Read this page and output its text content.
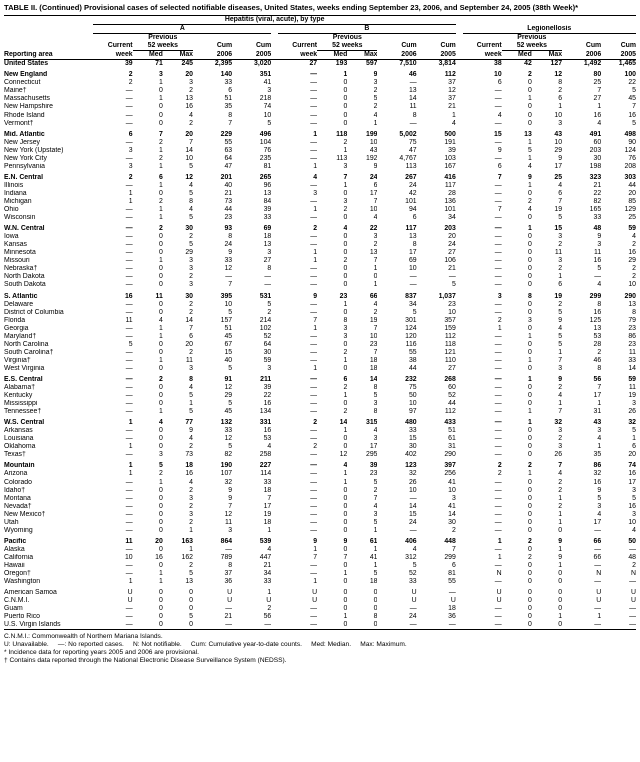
TABLE II. (Continued) Provisional cases of selected notifiable diseases, United States, weeks ending September 23, 2006, and September 24, 2005 (38th Week)*
	Hepatitis (viral, acute), by type																
	A						B						Legionellosis				
		Previous						Previous						Previous			
	Current	52 weeks		Cum	Cum		Current	52 weeks		Cum	Cum		Current	52 weeks		Cum	Cum
Reporting area	week	Med	Max	2006	2005		week	Med	Max	2006	2005		week	Med	Max	2006	2005
United States	39	71	245	2,395	3,020		27	193	597	7,510	3,814		38	42	127	1,492	1,465

New England	2	3	20	140	351		—	1	9	46	112		10	2	12	80	100
Connecticut	2	1	3	33	41		—	0	3	—	37		6	0	8	25	22
Maine†	—	0	2	6	3		—	0	2	13	12		—	0	2	7	5
Massachusetts	—	1	13	51	218		—	0	5	14	37		—	1	6	27	45
New Hampshire	—	0	16	35	74		—	0	2	11	21		—	0	1	1	7
Rhode Island	—	0	4	8	10		—	0	4	8	1		4	0	10	16	16
Vermont†	—	0	2	7	5		—	0	1	—	4		—	0	3	4	5

Mid. Atlantic	6	7	20	229	496		1	118	199	5,002	500		15	13	43	491	498
New Jersey	—	2	7	55	104		—	2	10	75	191		—	1	10	60	90
New York (Upstate)	3	1	14	63	76		—	1	43	47	39		9	5	29	203	124
New York City	—	2	10	64	235		—	113	192	4,767	103		—	1	9	30	76
Pennsylvania	3	1	5	47	81		1	3	9	113	167		6	4	17	198	208

E.N. Central	2	6	12	201	265		4	7	24	267	416		7	9	25	323	303
Illinois	—	1	4	40	96		—	1	6	24	117		—	1	4	21	44
Indiana	1	0	5	21	13		3	0	17	42	28		—	0	6	22	20
Michigan	1	2	8	73	84		—	3	7	101	136		—	2	7	82	85
Ohio	—	1	4	44	39		1	2	10	94	101		7	4	19	165	129
Wisconsin	—	1	5	23	33		—	0	4	6	34		—	0	5	33	25

W.N. Central	—	2	30	93	69		2	4	22	117	203		—	1	15	48	59
Iowa	—	0	2	8	18		—	0	3	13	20		—	0	3	9	4
Kansas	—	0	5	24	13		—	0	2	8	24		—	0	2	3	2
Minnesota	—	0	29	9	3		1	0	13	17	27		—	0	11	11	16
Missouri	—	1	3	33	27		1	2	7	69	106		—	0	3	16	29
Nebraska†	—	0	3	12	8		—	0	1	10	21		—	0	2	5	2
North Dakota	—	0	2	—	—		—	0	0	—	—		—	0	1	—	2
South Dakota	—	0	3	7	—		—	0	1	—	5		—	0	6	4	10

S. Atlantic	16	11	30	395	531		9	23	66	837	1,037		3	8	19	299	290
Delaware	—	0	2	10	5		—	1	4	34	23		—	0	2	8	13
District of Columbia	—	0	2	5	2		—	0	2	5	10		—	0	5	16	8
Florida	11	4	14	157	214		7	8	19	301	357		2	3	9	125	79
Georgia	—	1	7	51	102		1	3	7	124	159		1	0	4	13	23
Maryland†	—	1	6	45	52		—	3	10	120	112		—	1	5	53	86
North Carolina	5	0	20	67	64		—	0	23	116	118		—	0	5	28	23
South Carolina†	—	0	2	15	30		—	2	7	55	121		—	0	1	2	11
Virginia†	—	1	11	40	59		—	1	18	38	110		—	1	7	46	33
West Virginia	—	0	3	5	3		1	0	18	44	27		—	0	3	8	14

E.S. Central	—	2	8	91	211		—	6	14	232	268		—	1	9	56	59
Alabama†	—	0	4	12	39		—	2	8	75	60		—	0	2	7	11
Kentucky	—	0	5	29	22		—	1	5	50	52		—	0	4	17	19
Mississippi	—	0	1	5	16		—	0	3	10	44		—	0	1	1	3
Tennessee†	—	1	5	45	134		—	2	8	97	112		—	1	7	31	26

W.S. Central	1	4	77	132	331		2	14	315	480	433		—	1	32	43	32
Arkansas	—	0	9	33	16		—	1	4	33	51		—	0	3	3	5
Louisiana	—	0	4	12	53		—	0	3	15	61		—	0	2	4	1
Oklahoma	1	0	2	5	4		2	0	17	30	31		—	0	3	1	6
Texas†	—	3	73	82	258		—	12	295	402	290		—	0	26	35	20

Mountain	1	5	18	190	227		—	4	39	123	397		2	2	7	86	74
Arizona	1	2	16	107	114		—	1	23	32	256		2	1	4	32	16
Colorado	—	1	4	32	33		—	1	5	26	41		—	0	2	16	17
Idaho†	—	0	2	9	18		—	0	2	10	10		—	0	2	9	3
Montana	—	0	3	9	7		—	0	7	—	3		—	0	1	5	5
Nevada†	—	0	2	7	17		—	0	4	14	41		—	0	2	3	16
New Mexico†	—	0	3	12	19		—	0	3	15	14		—	0	1	4	3
Utah	—	0	2	11	18		—	0	5	24	30		—	0	1	17	10
Wyoming	—	0	1	3	1		—	0	1	—	2		—	0	0	—	4

Pacific	11	20	163	864	539		9	9	61	406	448		1	2	9	66	50
Alaska	—	0	1	—	4		1	0	1	4	7		—	0	1	—	—
California	10	16	162	789	447		7	7	41	312	299		1	2	9	66	48
Hawaii	—	0	2	8	21		—	0	1	5	6		—	0	1	—	2
Oregon†	—	1	5	37	34		—	1	5	52	81		N	0	0	N	N
Washington	1	1	13	36	33		1	0	18	33	55		—	0	0	—	—

American Samoa	U	0	0	U	1		U	0	0	U	—		U	0	0	U	U
C.N.M.I.	U	0	0	U	U		U	0	0	U	U		U	0	0	U	U
Guam	—	0	0	—	2		—	0	0	—	18		—	0	0	—	—
Puerto Rico	—	0	5	21	56		—	1	8	24	36		—	0	1	1	—
U.S. Virgin Islands	—	0	0	—	—		—	0	0	—	—		—	0	0	—	—
C.N.M.I.: Commonwealth of Northern Mariana Islands.
U: Unavailable.     —: No reported cases.     N: Not notifiable.     Cum: Cumulative year-to-date counts.     Med: Median.     Max: Maximum.
* Incidence data for reporting years 2005 and 2006 are provisional.
† Contains data reported through the National Electronic Disease Surveillance System (NEDSS).
